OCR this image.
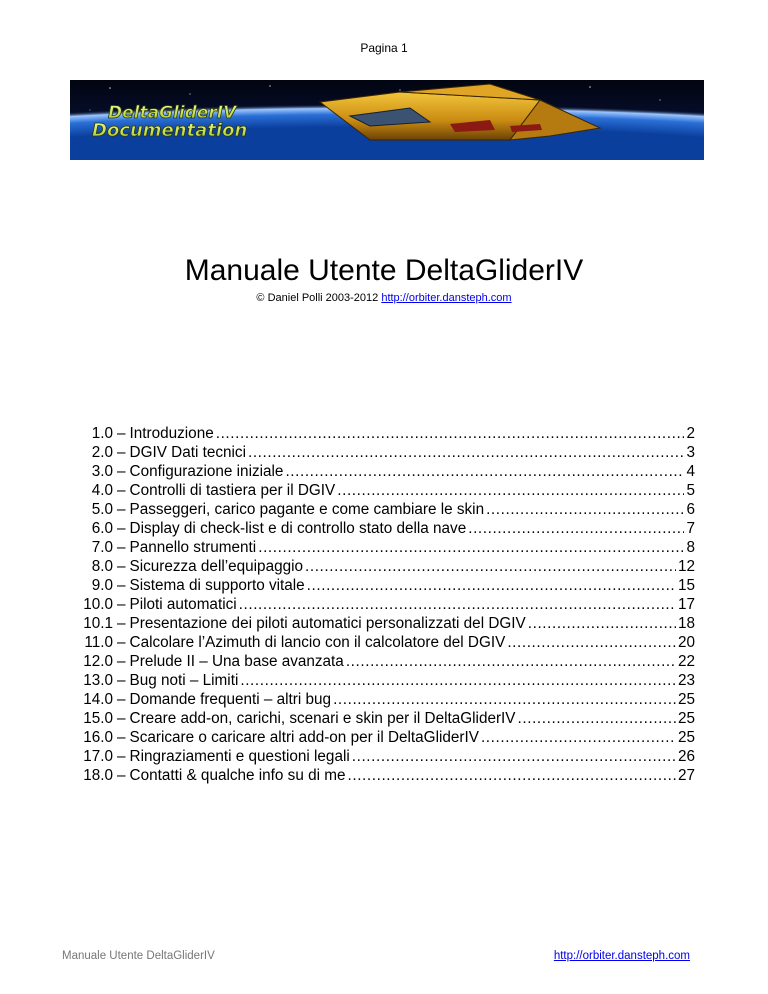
Pagina 1
DeltaGliderIV
Documentation
Manuale Utente DeltaGliderIV
© Daniel Polli 2003-2012 http://orbiter.dansteph.com
1.0 – Introduzione .....	2
2.0 – DGIV Dati tecnici .....	3
3.0 – Configurazione iniziale .....	4
4.0 – Controlli di tastiera per il DGIV .....	5
5.0 – Passeggeri, carico pagante e come cambiare le skin .....	6
6.0 – Display di check-list e di controllo stato della nave .....	7
7.0 – Pannello strumenti .....	8
8.0 – Sicurezza dell’equipaggio .....	12
9.0 – Sistema di supporto vitale .....	15
10.0 – Piloti automatici .....	17
10.1 – Presentazione dei piloti automatici personalizzati del DGIV .....	18
11.0 – Calcolare l’Azimuth di lancio con il calcolatore del DGIV .....	20
12.0 – Prelude II – Una base avanzata .....	22
13.0 – Bug noti – Limiti .....	23
14.0 – Domande frequenti – altri bug .....	25
15.0 – Creare add-on, carichi, scenari e skin per il DeltaGliderIV .....	25
16.0 – Scaricare o caricare altri add-on per il DeltaGliderIV .....	25
17.0 – Ringraziamenti e questioni legali .....	26
18.0 – Contatti & qualche info su di me .....	27
Manuale Utente DeltaGliderIV	http://orbiter.dansteph.com
